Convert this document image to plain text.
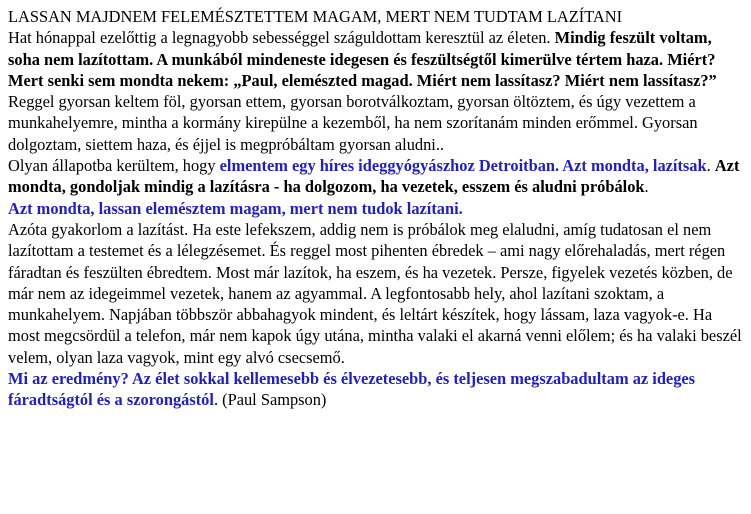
LASSAN MAJDNEM FELEMÉSZTETTEM MAGAM, MERT NEM TUDTAM LAZÍTANI

Hat hónappal ezelőttig a legnagyobb sebességgel száguldottam keresztül az életen. Mindig feszült voltam, soha nem lazítottam. A munkából mindeneste idegesen és feszültségtől kimerülve tértem haza. Miért? Mert senki sem mondta nekem: „Paul, elemészted magad. Miért nem lassítasz? Miért nem lassítasz?”

Reggel gyorsan keltem föl, gyorsan ettem, gyorsan borotválkoztam, gyorsan öltöztem, és úgy vezettem a munkahelyemre, mintha a kormány kirepülne a kezemből, ha nem szorítanám minden erőmmel. Gyorsan dolgoztam, siettem haza, és éjjel is megpróbáltam gyorsan aludni..

Olyan állapotba kerültem, hogy elmentem egy híres ideggyógyászhoz Detroitban. Azt mondta, lazítsak. Azt mondta, gondoljak mindig a lazításra - ha dolgozom, ha vezetek, esszem és aludni próbálok.

Azt mondta, lassan elemésztem magam, mert nem tudok lazítani.

Azóta gyakorlom a lazítást. Ha este lefekszem, addig nem is próbálok meg elaludni, amíg tudatosan el nem lazítottam a testemet és a lélegzésemet. És reggel most pihenten ébredek – ami nagy előrehaladás, mert régen fáradtan és feszülten ébredtem. Most már lazítok, ha eszem, és ha vezetek. Persze, figyelek vezetés közben, de már nem az idegeimmel vezetek, hanem az agyammal. A legfontosabb hely, ahol lazítani szoktam, a munkahelyem. Napjában többször abbahagyok mindent, és leltárt készítek, hogy lássam, laza vagyok-e. Ha most megcsördül a telefon, már nem kapok úgy utána, mintha valaki el akarná venni előlem; és ha valaki beszél velem, olyan laza vagyok, mint egy alvó csecsemő.

Mi az eredmény? Az élet sokkal kellemesebb és élvezetesebb, és teljesen megszabadultam az ideges fáradtságtól és a szorongástól. (Paul Sampson)
